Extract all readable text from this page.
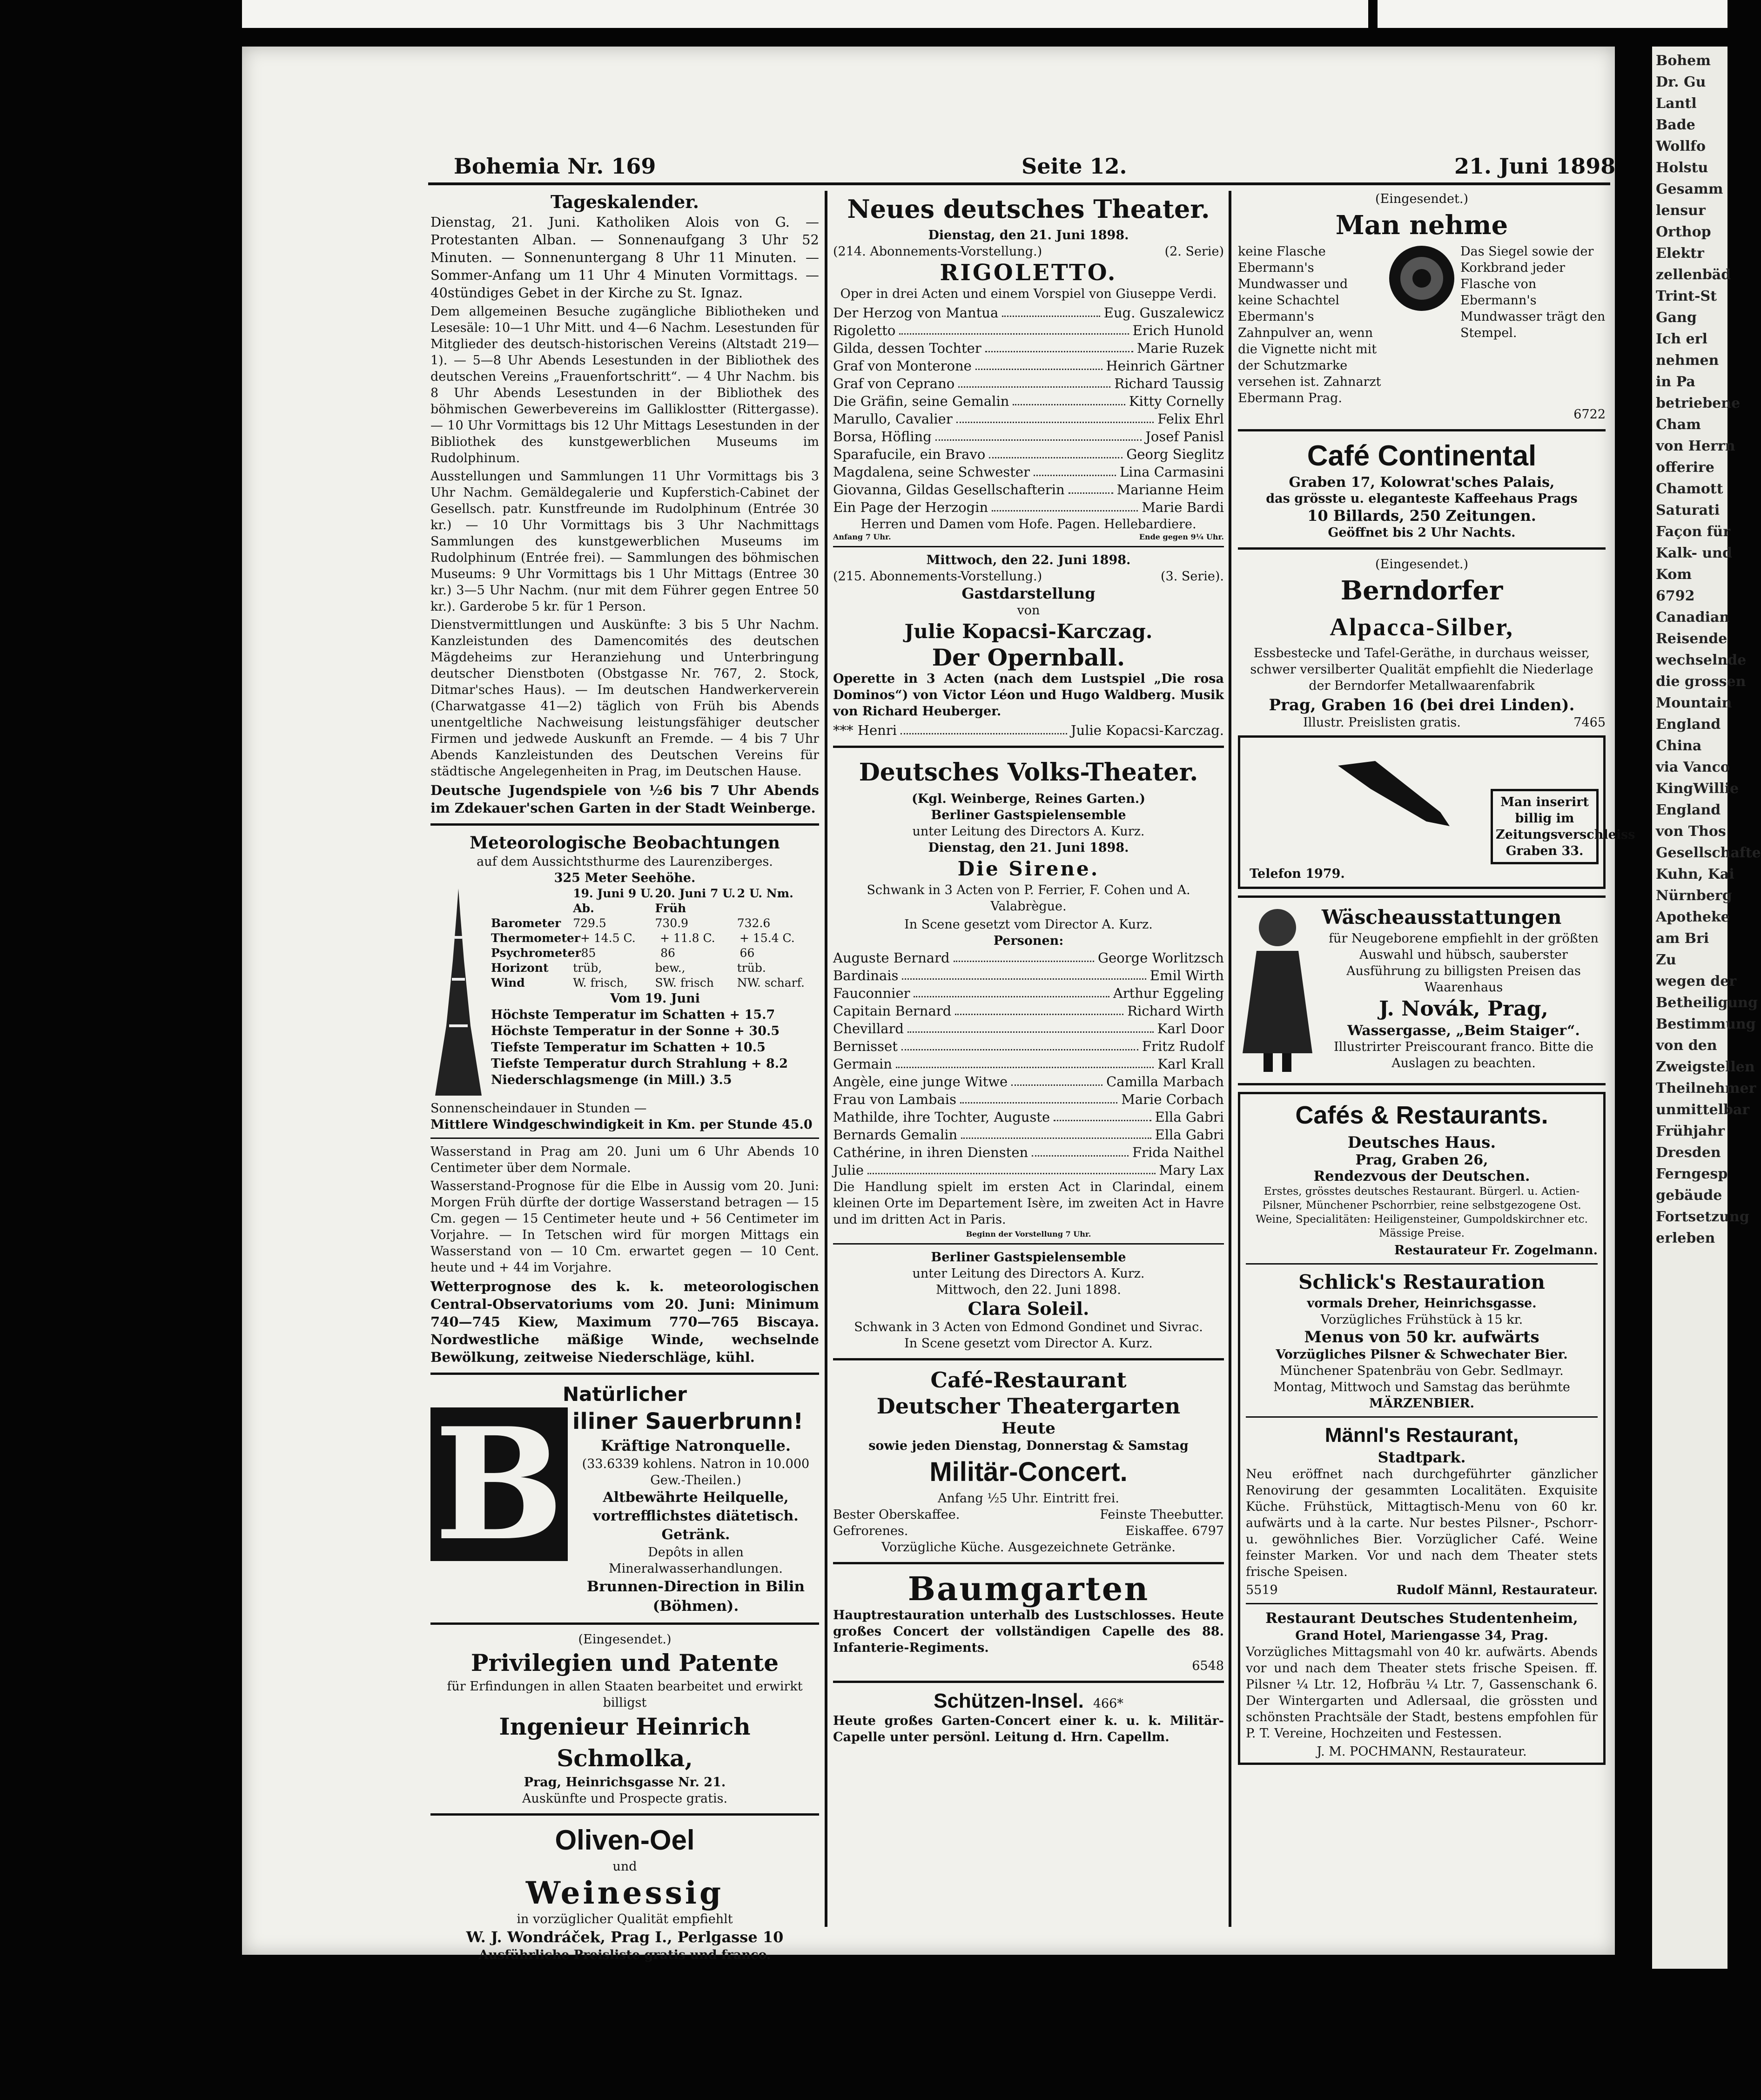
Bohem
Dr. Gu
Lantl
Bade
Wollfo
Holstu
Gesamm
lensur
Orthop
Elektr
zellenbäd
Trint-St
Gang
Ich erl
nehmen
in Pa
betriebene
Cham
von Herrn
offerire
Chamott
Saturati
Façon für
Kalk- und
Kom
6792
Canadian
Reisende
wechselnde
die grossen
Mountain
England
China
via Vanco
KingWillie
England
von Thos
Gesellschafte
Kuhn, Kai
Nürnberg
Apotheke
am Bri
Zu
wegen der
Betheiligung
Bestimmung
von den
Zweigstellen
Theilnehmer
unmittelbar
Frühjahr
Dresden
Ferngesp
gebäude
Fortsetzung
erleben
Bohemia Nr. 169	Seite 12.	21. Juni 1898
Tageskalender.

Dienstag, 21. Juni. Katholiken Alois von G. — Protestanten Alban. — Sonnenaufgang 3 Uhr 52 Minuten. — Sonnenuntergang 8 Uhr 11 Minuten. — Sommer-Anfang um 11 Uhr 4 Minuten Vormittags. — 40stündiges Gebet in der Kirche zu St. Ignaz.

Dem allgemeinen Besuche zugängliche Bibliotheken und Lesesäle: 10—1 Uhr Mitt. und 4—6 Nachm. Lesestunden für Mitglieder des deutsch-historischen Vereins (Altstadt 219—1). — 5—8 Uhr Abends Lesestunden in der Bibliothek des deutschen Vereins „Frauenfortschritt“. — 4 Uhr Nachm. bis 8 Uhr Abends Lesestunden in der Bibliothek des böhmischen Gewerbevereins im Galliklostter (Rittergasse). — 10 Uhr Vormittags bis 12 Uhr Mittags Lesestunden in der Bibliothek des kunstgewerblichen Museums im Rudolphinum.

Ausstellungen und Sammlungen 11 Uhr Vormittags bis 3 Uhr Nachm. Gemäldegalerie und Kupferstich-Cabinet der Gesellsch. patr. Kunstfreunde im Rudolphinum (Entrée 30 kr.) — 10 Uhr Vormittags bis 3 Uhr Nachmittags Sammlungen des kunstgewerblichen Museums im Rudolphinum (Entrée frei). — Sammlungen des böhmischen Museums: 9 Uhr Vormittags bis 1 Uhr Mittags (Entree 30 kr.) 3—5 Uhr Nachm. (nur mit dem Führer gegen Entree 50 kr.). Garderobe 5 kr. für 1 Person.

Dienstvermittlungen und Auskünfte: 3 bis 5 Uhr Nachm. Kanzleistunden des Damencomités des deutschen Mägdeheims zur Heranziehung und Unterbringung deutscher Dienstboten (Obstgasse Nr. 767, 2. Stock, Ditmar'sches Haus). — Im deutschen Handwerkerverein (Charwatgasse 41—2) täglich von Früh bis Abends unentgeltliche Nachweisung leistungsfähiger deutscher Firmen und jedwede Auskunft an Fremde. — 4 bis 7 Uhr Abends Kanzleistunden des Deutschen Vereins für städtische Angelegenheiten in Prag, im Deutschen Hause.

Deutsche Jugendspiele von ½6 bis 7 Uhr Abends im Zdekauer'schen Garten in der Stadt Weinberge.

Meteorologische Beobachtungen
auf dem Aussichtsthurme des Laurenziberges.
325 Meter Seehöhe.
19. Juni 9 U. Ab.
20. Juni 7 U. Früh
2 U. Nm.
Barometer	729.5	730.9	732.6
Thermometer + 14.5 C.	+ 11.8 C.	+ 15.4 C.
Psychrometer 85	86	66
Horizont	trüb,	bew.,	trüb.
Wind	W. frisch,	SW. frisch	NW. scharf.
Vom 19. Juni
Höchste Temperatur im Schatten + 15.7
Höchste Temperatur in der Sonne + 30.5
Tiefste Temperatur im Schatten + 10.5
Tiefste Temperatur durch Strahlung + 8.2
Niederschlagsmenge (in Mill.) 3.5
Sonnenscheindauer in Stunden —
Mittlere Windgeschwindigkeit in Km. per Stunde 45.0

Wasserstand in Prag am 20. Juni um 6 Uhr Abends 10 Centimeter über dem Normale.

Wasserstand-Prognose für die Elbe in Aussig vom 20. Juni: Morgen Früh dürfte der dortige Wasserstand betragen — 15 Cm. gegen — 15 Centimeter heute und + 56 Centimeter im Vorjahre. — In Tetschen wird für morgen Mittags ein Wasserstand von — 10 Cm. erwartet gegen — 10 Cent. heute und + 44 im Vorjahre.

Wetterprognose des k. k. meteorologischen Central-Observatoriums vom 20. Juni: Minimum 740—745 Kiew, Maximum 770—765 Biscaya. Nordwestliche mäßige Winde, wechselnde Bewölkung, zeitweise Niederschläge, kühl.

Natürlicher
B iliner Sauerbrunn!
Kräftige Natronquelle.
(33.6339 kohlens. Natron in 10.000 Gew.-Theilen.)
Altbewährte Heilquelle, vortrefflichstes diätetisch. Getränk.
Depôts in allen Mineralwasserhandlungen.
Brunnen-Direction in Bilin (Böhmen).
(Eingesendet.)
Privilegien und Patente
für Erfindungen in allen Staaten bearbeitet und erwirkt billigst
Ingenieur Heinrich Schmolka,
Prag, Heinrichsgasse Nr. 21.
Auskünfte und Prospecte gratis.
Oliven-Oel
und
Weinessig
in vorzüglicher Qualität empfiehlt
W. J. Wondráček, Prag I., Perlgasse 10
Ausführliche Preisliste gratis und franco.
Neues deutsches Theater.
Dienstag, den 21. Juni 1898.
(214. Abonnements-Vorstellung.)	(2. Serie)
RIGOLETTO.
Oper in drei Acten und einem Vorspiel von Giuseppe Verdi.
Der Herzog von Mantua	Eug. Guszalewicz
Rigoletto	Erich Hunold
Gilda, dessen Tochter	Marie Ruzek
Graf von Monterone	Heinrich Gärtner
Graf von Ceprano	Richard Taussig
Die Gräfin, seine Gemalin	Kitty Cornelly
Marullo, Cavalier	Felix Ehrl
Borsa, Höfling	Josef Panisl
Sparafucile, ein Bravo	Georg Sieglitz
Magdalena, seine Schwester	Lina Carmasini
Giovanna, Gildas Gesellschafterin	Marianne Heim
Ein Page der Herzogin	Marie Bardi
Herren und Damen vom Hofe. Pagen. Hellebardiere.
Anfang 7 Uhr.	Ende gegen 9¼ Uhr.
Mittwoch, den 22. Juni 1898.
(215. Abonnements-Vorstellung.)	(3. Serie).
Gastdarstellung
von
Julie Kopacsi-Karczag.
Der Opernball.
Operette in 3 Acten (nach dem Lustspiel „Die rosa Dominos“) von Victor Léon und Hugo Waldberg. Musik von Richard Heuberger.
*** Henri	Julie Kopacsi-Karczag.
Deutsches Volks-Theater.
(Kgl. Weinberge, Reines Garten.)
Berliner Gastspielensemble
unter Leitung des Directors A. Kurz.
Dienstag, den 21. Juni 1898.
Die Sirene.
Schwank in 3 Acten von P. Ferrier, F. Cohen und A. Valabrègue.
In Scene gesetzt vom Director A. Kurz.
Personen:
Auguste Bernard	George Worlitzsch
Bardinais	Emil Wirth
Fauconnier	Arthur Eggeling
Capitain Bernard	Richard Wirth
Chevillard	Karl Door
Bernisset	Fritz Rudolf
Germain	Karl Krall
Angèle, eine junge Witwe	Camilla Marbach
Frau von Lambais	Marie Corbach
Mathilde, ihre Tochter, Auguste	Ella Gabri
Bernards Gemalin	Ella Gabri
Cathérine, in ihren Diensten	Frida Naithel
Julie	Mary Lax
Die Handlung spielt im ersten Act in Clarindal, einem kleinen Orte im Departement Isère, im zweiten Act in Havre und im dritten Act in Paris.
Beginn der Vorstellung 7 Uhr.
Berliner Gastspielensemble
unter Leitung des Directors A. Kurz.
Mittwoch, den 22. Juni 1898.
Clara Soleil.
Schwank in 3 Acten von Edmond Gondinet und Sivrac.
In Scene gesetzt vom Director A. Kurz.
Café-Restaurant
Deutscher Theatergarten
Heute
sowie jeden Dienstag, Donnerstag & Samstag
Militär-Concert.
Anfang ½5 Uhr. Eintritt frei.
Bester Oberskaffee.	Feinste Theebutter.
Gefrorenes.	Eiskaffee. 6797
Vorzügliche Küche. Ausgezeichnete Getränke.
Baumgarten
Hauptrestauration unterhalb des Lustschlosses. Heute großes Concert der vollständigen Capelle des 88. Infanterie-Regiments.
6548
Schützen-Insel. 466*
Heute großes Garten-Concert einer k. u. k. Militär-Capelle unter persönl. Leitung d. Hrn. Capellm.
(Eingesendet.)
Man nehme
keine Flasche Ebermann's Mundwasser und keine Schachtel Ebermann's Zahnpulver an, wenn die Vignette nicht mit der Schutzmarke versehen ist. Zahnarzt Ebermann Prag.
Das Siegel sowie der Korkbrand jeder Flasche von Ebermann's Mundwasser trägt den Stempel.
6722
Café Continental
Graben 17, Kolowrat'sches Palais,
das grösste u. eleganteste Kaffeehaus Prags
10 Billards, 250 Zeitungen.
Geöffnet bis 2 Uhr Nachts.
(Eingesendet.)
Berndorfer
Alpacca-Silber,
Essbestecke und Tafel-Geräthe, in durchaus weisser, schwer versilberter Qualität empfiehlt die Niederlage der Berndorfer Metallwaarenfabrik
Prag, Graben 16 (bei drei Linden).
Illustr. Preislisten gratis.	7465
Man inserirt billig im Zeitungsverschleiss Graben 33.
Telefon 1979.
Wäscheausstattungen
für Neugeborene empfiehlt in der größten Auswahl und hübsch, sauberster Ausführung zu billigsten Preisen das Waarenhaus
J. Novák, Prag,
Wassergasse, „Beim Staiger“.
Illustrirter Preiscourant franco. Bitte die Auslagen zu beachten.
Cafés & Restaurants.
Deutsches Haus.
Prag, Graben 26,
Rendezvous der Deutschen.
Erstes, grösstes deutsches Restaurant. Bürgerl. u. Actien-Pilsner, Münchener Pschorrbier, reine selbstgezogene Ost. Weine, Specialitäten: Heiligensteiner, Gumpoldskirchner etc. Mässige Preise.
Restaurateur Fr. Zogelmann.
Schlick's Restauration
vormals Dreher, Heinrichsgasse.
Vorzügliches Frühstück à 15 kr.
Menus von 50 kr. aufwärts
Vorzügliches Pilsner & Schwechater Bier.
Münchener Spatenbräu von Gebr. Sedlmayr.
Montag, Mittwoch und Samstag das berühmte
MÄRZENBIER.
Männl's Restaurant,
Stadtpark.
Neu eröffnet nach durchgeführter gänzlicher Renovirung der gesammten Localitäten. Exquisite Küche. Frühstück, Mittagtisch-Menu von 60 kr. aufwärts und à la carte. Nur bestes Pilsner-, Pschorr- u. gewöhnliches Bier. Vorzüglicher Café. Weine feinster Marken. Vor und nach dem Theater stets frische Speisen.
5519	Rudolf Männl, Restaurateur.
Restaurant Deutsches Studentenheim,
Grand Hotel, Mariengasse 34, Prag.
Vorzügliches Mittagsmahl von 40 kr. aufwärts. Abends vor und nach dem Theater stets frische Speisen. ff. Pilsner ¼ Ltr. 12, Hofbräu ¼ Ltr. 7, Gassenschank 6. Der Wintergarten und Adlersaal, die grössten und schönsten Prachtsäle der Stadt, bestens empfohlen für P. T. Vereine, Hochzeiten und Festessen.
J. M. POCHMANN, Restaurateur.
